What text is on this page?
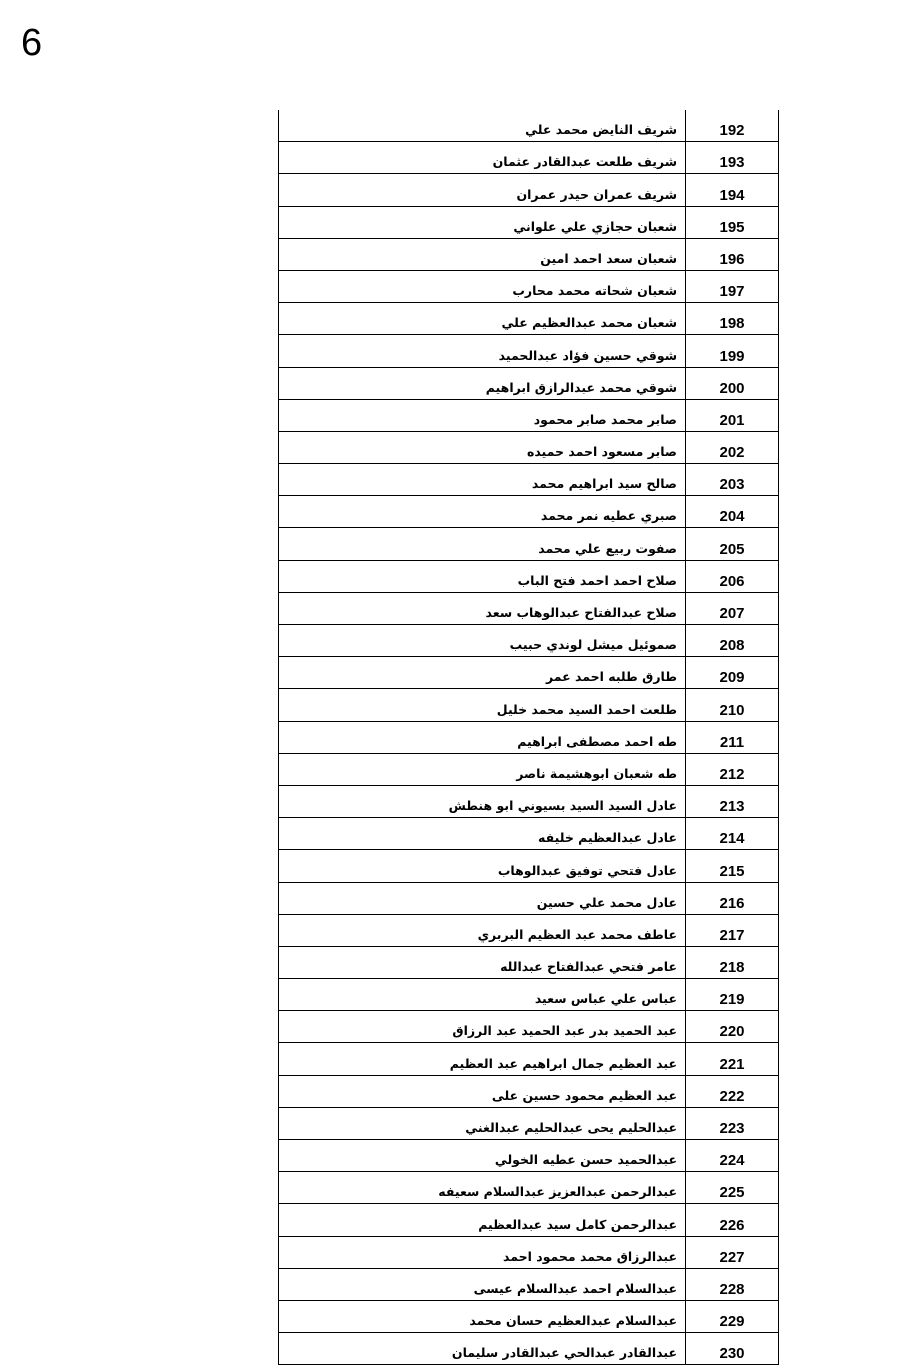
6
192	شريف النايض محمد علي
193	شريف طلعت عبدالقادر عثمان
194	شريف عمران حيدر عمران
195	شعبان حجازي علي علواني
196	شعبان سعد احمد امين
197	شعبان شحاته محمد محارب
198	شعبان محمد عبدالعظيم علي
199	شوقي حسين فؤاد عبدالحميد
200	شوقي محمد عبدالرازق ابراهيم
201	صابر محمد صابر محمود
202	صابر مسعود احمد حميده
203	صالح سيد ابراهيم محمد
204	صبري عطيه نمر محمد
205	صفوت ربيع علي محمد
206	صلاح احمد احمد فتح الباب
207	صلاح عبدالفتاح عبدالوهاب سعد
208	صموئيل ميشل لوندي حبيب
209	طارق طلبه احمد عمر
210	طلعت احمد السيد محمد خليل
211	طه احمد مصطفى ابراهيم
212	طه شعبان ابوهشيمة ناصر
213	عادل السيد السيد بسيوني ابو هنطش
214	عادل عبدالعظيم خليفه
215	عادل فتحي توفيق عبدالوهاب
216	عادل محمد علي حسين
217	عاطف محمد عبد العظيم البربري
218	عامر فتحي عبدالفتاح عبدالله
219	عباس علي عباس سعيد
220	عبد الحميد بدر عبد الحميد عبد الرزاق
221	عبد العظيم جمال ابراهيم عبد العظيم
222	عبد العظيم محمود حسين على
223	عبدالحليم يحى عبدالحليم عبدالغني
224	عبدالحميد حسن عطيه الخولي
225	عبدالرحمن عبدالعزيز عبدالسلام سعيفه
226	عبدالرحمن كامل سيد عبدالعظيم
227	عبدالرزاق محمد محمود احمد
228	عبدالسلام احمد عبدالسلام عيسى
229	عبدالسلام عبدالعظيم حسان محمد
230	عبدالقادر عبدالحي عبدالقادر سليمان
